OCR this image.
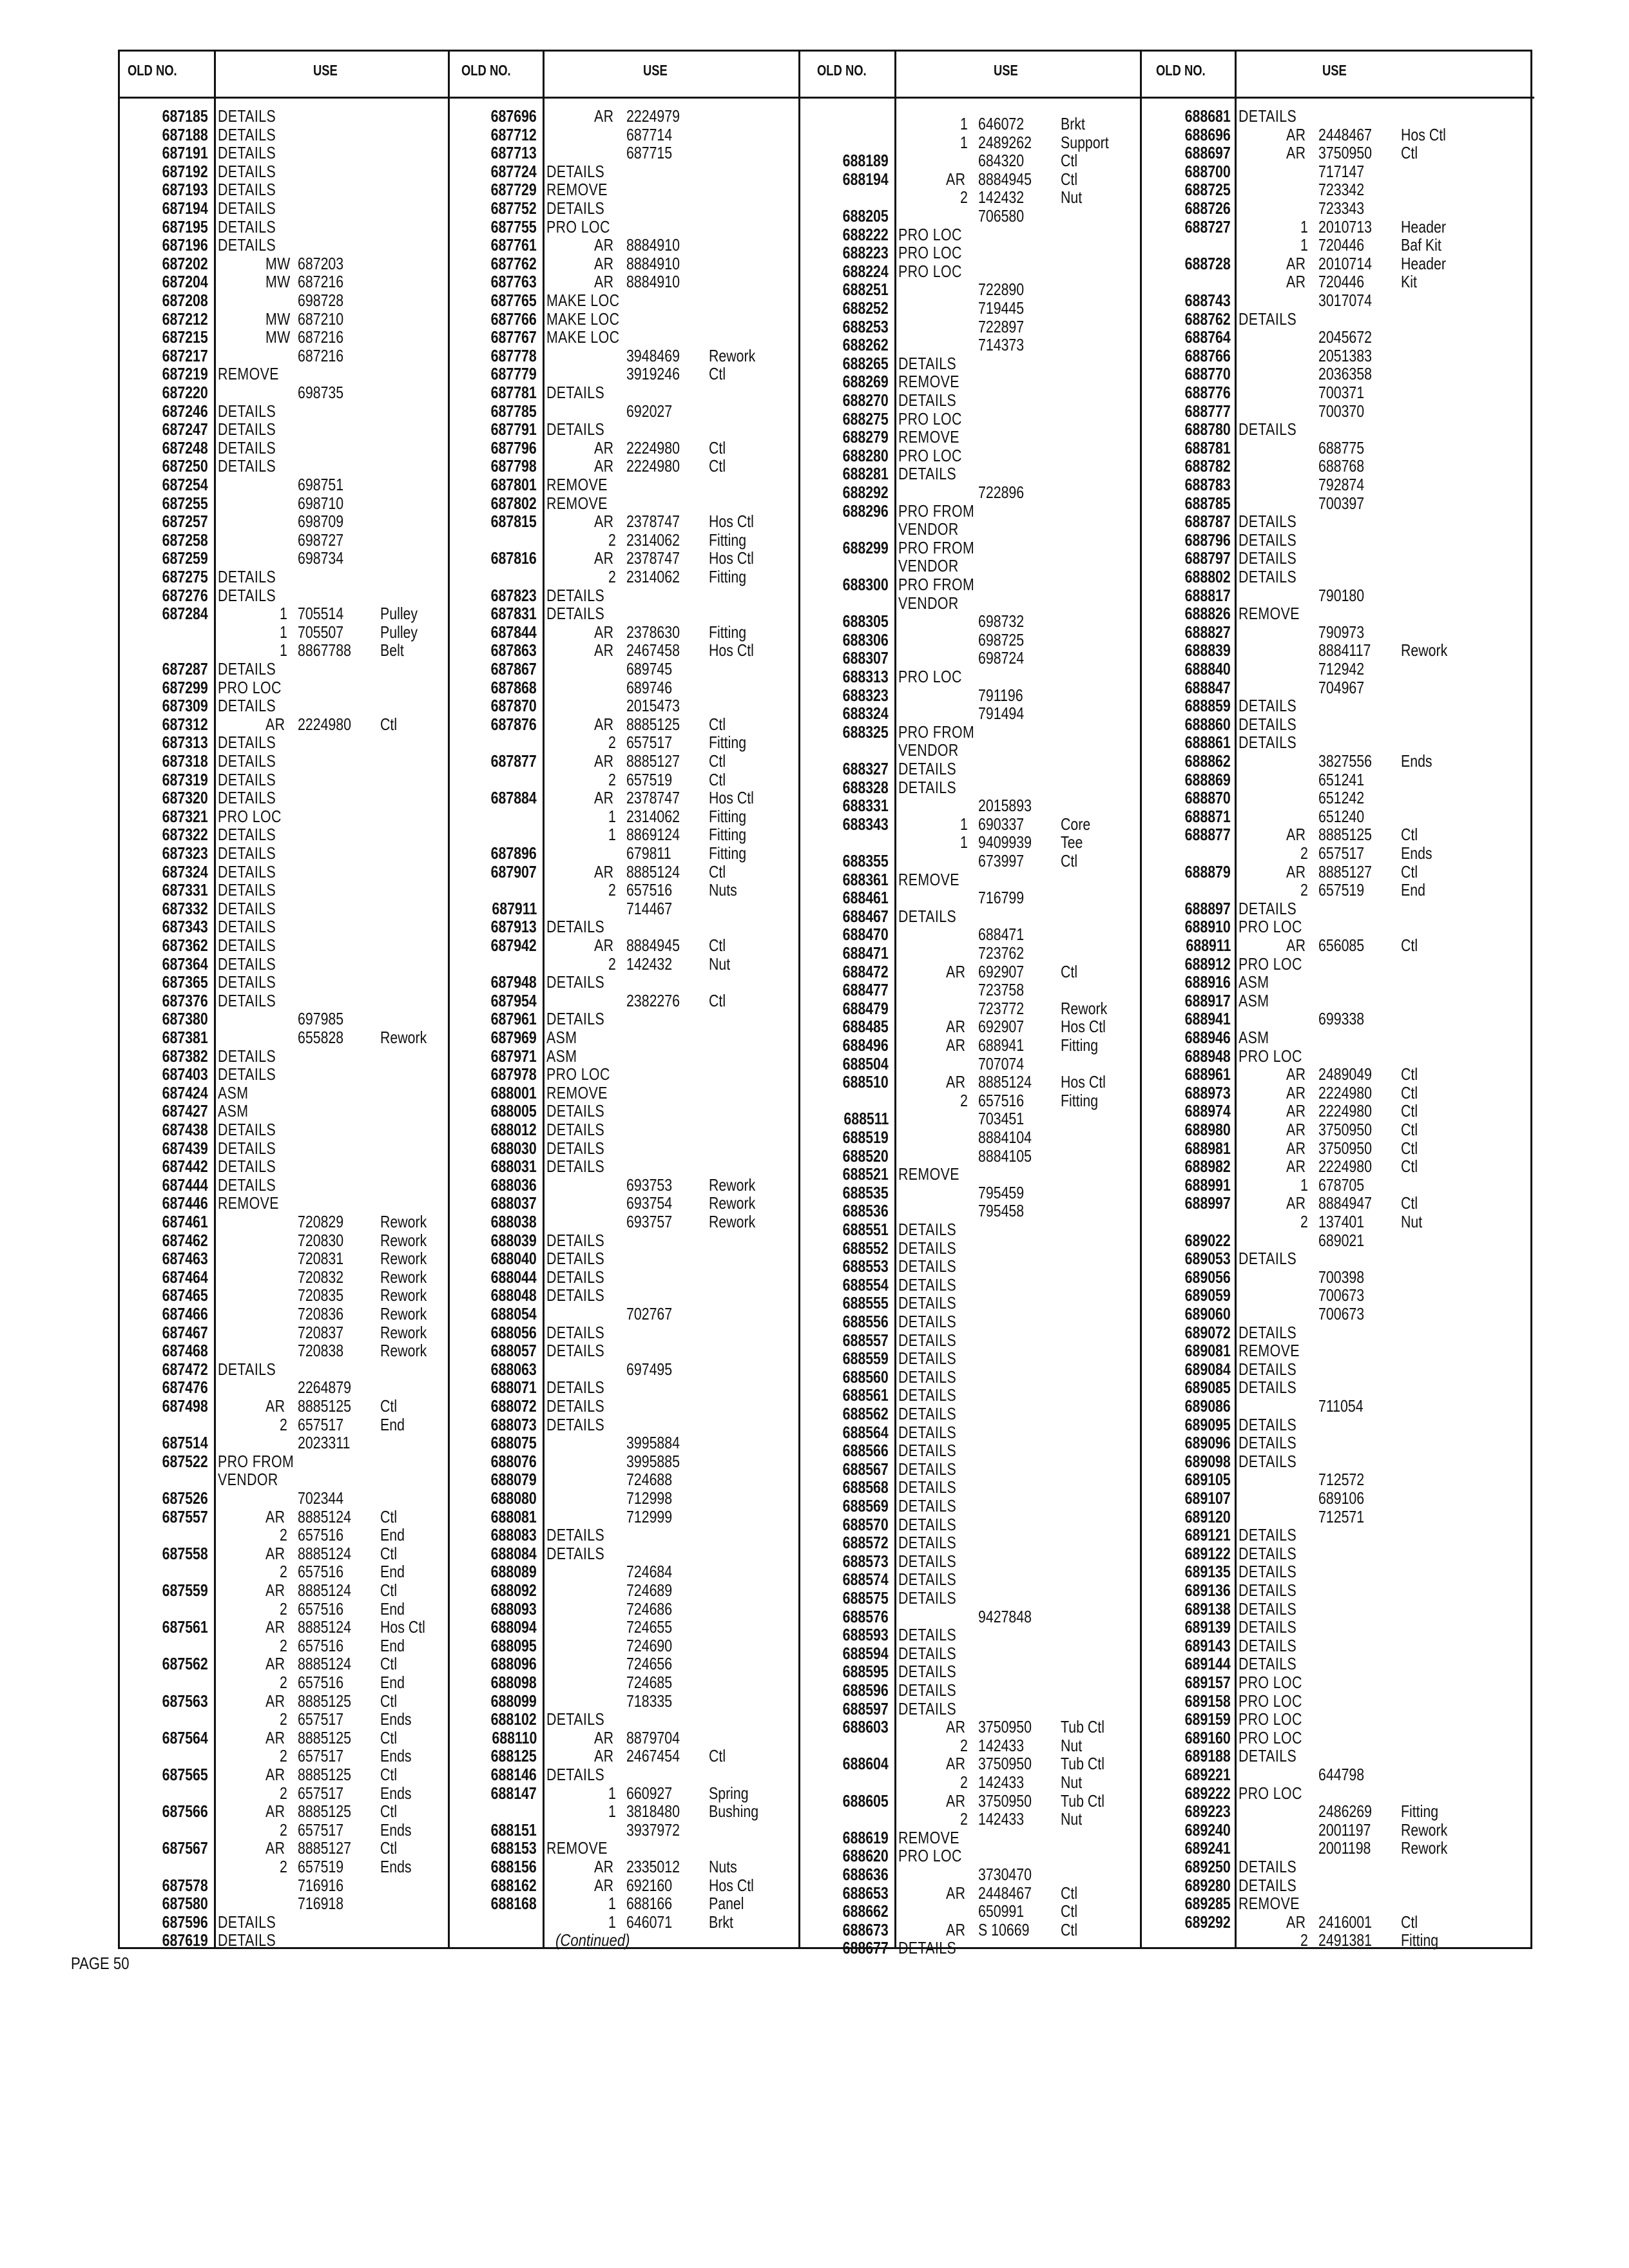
OLD NO.	USE
687185 DETAILS
687188 DETAILS
687191 DETAILS
687192 DETAILS
687193 DETAILS
687194 DETAILS
687195 DETAILS
687196 DETAILS
687202	MW 687203
687204	MW 687216
687208	698728
687212	MW 687210
687215	MW 687216
687217	687216
687219 REMOVE
687220	698735
687246 DETAILS
687247 DETAILS
687248 DETAILS
687250 DETAILS
687254	698751
687255	698710
687257	698709
687258	698727
687259	698734
687275 DETAILS
687276 DETAILS
687284	1 705514 Pulley
1 705507 Pulley
1 8867788 Belt
687287 DETAILS
687299 PRO LOC
687309 DETAILS
687312	AR 2224980 Ctl
687313 DETAILS
687318 DETAILS
687319 DETAILS
687320 DETAILS
687321 PRO LOC
687322 DETAILS
687323 DETAILS
687324 DETAILS
687331 DETAILS
687332 DETAILS
687343 DETAILS
687362 DETAILS
687364 DETAILS
687365 DETAILS
687376 DETAILS
687380	697985
687381	655828 Rework
687382 DETAILS
687403 DETAILS
687424 ASM
687427 ASM
687438 DETAILS
687439 DETAILS
687442 DETAILS
687444 DETAILS
687446 REMOVE
687461	720829 Rework
687462	720830 Rework
687463	720831 Rework
687464	720832 Rework
687465	720835 Rework
687466	720836 Rework
687467	720837 Rework
687468	720838 Rework
687472 DETAILS
687476	2264879
687498	AR 8885125 Ctl
2 657517 End
687514	2023311
687522 PRO FROM
VENDOR
687526	702344
687557	AR 8885124 Ctl
2 657516 End
687558	AR 8885124 Ctl
2 657516 End
687559	AR 8885124 Ctl
2 657516 End
687561	AR 8885124 Hos Ctl
2 657516 End
687562	AR 8885124 Ctl
2 657516 End
687563	AR 8885125 Ctl
2 657517 Ends
687564	AR 8885125 Ctl
2 657517 Ends
687565	AR 8885125 Ctl
2 657517 Ends
687566	AR 8885125 Ctl
2 657517 Ends
687567	AR 8885127 Ctl
2 657519 Ends
687578	716916
687580	716918
687596 DETAILS
687619 DETAILS
OLD NO.	USE
687696	AR 2224979
687712	687714
687713	687715
687724 DETAILS
687729 REMOVE
687752 DETAILS
687755 PRO LOC
687761	AR 8884910
687762	AR 8884910
687763	AR 8884910
687765 MAKE LOC
687766 MAKE LOC
687767 MAKE LOC
687778	3948469 Rework
687779	3919246 Ctl
687781 DETAILS
687785	692027
687791 DETAILS
687796	AR 2224980 Ctl
687798	AR 2224980 Ctl
687801 REMOVE
687802 REMOVE
687815	AR 2378747 Hos Ctl
2 2314062 Fitting
687816	AR 2378747 Hos Ctl
2 2314062 Fitting
687823 DETAILS
687831 DETAILS
687844	AR 2378630 Fitting
687863	AR 2467458 Hos Ctl
687867	689745
687868	689746
687870	2015473
687876	AR 8885125 Ctl
2 657517 Fitting
687877	AR 8885127 Ctl
2 657519 Ctl
687884	AR 2378747 Hos Ctl
1 2314062 Fitting
1 8869124 Fitting
687896	679811 Fitting
687907	AR 8885124 Ctl
2 657516 Nuts
687911	714467
687913 DETAILS
687942	AR 8884945 Ctl
2 142432 Nut
687948 DETAILS
687954	2382276 Ctl
687961 DETAILS
687969 ASM
687971 ASM
687978 PRO LOC
688001 REMOVE
688005 DETAILS
688012 DETAILS
688030 DETAILS
688031 DETAILS
688036	693753 Rework
688037	693754 Rework
688038	693757 Rework
688039 DETAILS
688040 DETAILS
688044 DETAILS
688048 DETAILS
688054	702767
688056 DETAILS
688057 DETAILS
688063	697495
688071 DETAILS
688072 DETAILS
688073 DETAILS
688075	3995884
688076	3995885
688079	724688
688080	712998
688081	712999
688083 DETAILS
688084 DETAILS
688089	724684
688092	724689
688093	724686
688094	724655
688095	724690
688096	724656
688098	724685
688099	718335
688102 DETAILS
688110	AR 8879704
688125	AR 2467454 Ctl
688146 DETAILS
688147	1 660927 Spring
1 3818480 Bushing
688151	3937972
688153 REMOVE
688156	AR 2335012 Nuts
688162	AR 692160 Hos Ctl
688168	1 688166 Panel
1 646071 Brkt
OLD NO.	USE
1 646072 Brkt
1 2489262 Support
688189	684320 Ctl
688194	AR 8884945 Ctl
2 142432 Nut
688205	706580
688222 PRO LOC
688223 PRO LOC
688224 PRO LOC
688251	722890
688252	719445
688253	722897
688262	714373
688265 DETAILS
688269 REMOVE
688270 DETAILS
688275 PRO LOC
688279 REMOVE
688280 PRO LOC
688281 DETAILS
688292	722896
688296 PRO FROM
VENDOR
688299 PRO FROM
VENDOR
688300 PRO FROM
VENDOR
688305	698732
688306	698725
688307	698724
688313 PRO LOC
688323	791196
688324	791494
688325 PRO FROM
VENDOR
688327 DETAILS
688328 DETAILS
688331	2015893
688343	1 690337 Core
1 9409939 Tee
688355	673997 Ctl
688361 REMOVE
688461	716799
688467 DETAILS
688470	688471
688471	723762
688472	AR 692907 Ctl
688477	723758
688479	723772 Rework
688485	AR 692907 Hos Ctl
688496	AR 688941 Fitting
688504	707074
688510	AR 8885124 Hos Ctl
2 657516 Fitting
688511	703451
688519	8884104
688520	8884105
688521 REMOVE
688535	795459
688536	795458
688551 DETAILS
688552 DETAILS
688553 DETAILS
688554 DETAILS
688555 DETAILS
688556 DETAILS
688557 DETAILS
688559 DETAILS
688560 DETAILS
688561 DETAILS
688562 DETAILS
688564 DETAILS
688566 DETAILS
688567 DETAILS
688568 DETAILS
688569 DETAILS
688570 DETAILS
688572 DETAILS
688573 DETAILS
688574 DETAILS
688575 DETAILS
688576	9427848
688593 DETAILS
688594 DETAILS
688595 DETAILS
688596 DETAILS
688597 DETAILS
688603	AR 3750950 Tub Ctl
2 142433 Nut
688604	AR 3750950 Tub Ctl
2 142433 Nut
688605	AR 3750950 Tub Ctl
2 142433 Nut
688619 REMOVE
688620 PRO LOC
688636	3730470
688653	AR 2448467 Ctl
688662	650991 Ctl
688673	AR S 10669 Ctl
688677 DETAILS
OLD NO.	USE
688681 DETAILS
688696	AR 2448467 Hos Ctl
688697	AR 3750950 Ctl
688700	717147
688725	723342
688726	723343
688727	1 2010713 Header
1 720446 Baf Kit
688728	AR 2010714 Header
AR 720446 Kit
688743	3017074
688762 DETAILS
688764	2045672
688766	2051383
688770	2036358
688776	700371
688777	700370
688780 DETAILS
688781	688775
688782	688768
688783	792874
688785	700397
688787 DETAILS
688796 DETAILS
688797 DETAILS
688802 DETAILS
688817	790180
688826 REMOVE
688827	790973
688839	8884117 Rework
688840	712942
688847	704967
688859 DETAILS
688860 DETAILS
688861 DETAILS
688862	3827556 Ends
688869	651241
688870	651242
688871	651240
688877	AR 8885125 Ctl
2 657517 Ends
688879	AR 8885127 Ctl
2 657519 End
688897 DETAILS
688910 PRO LOC
688911	AR 656085 Ctl
688912 PRO LOC
688916 ASM
688917 ASM
688941	699338
688946 ASM
688948 PRO LOC
688961	AR 2489049 Ctl
688973	AR 2224980 Ctl
688974	AR 2224980 Ctl
688980	AR 3750950 Ctl
688981	AR 3750950 Ctl
688982	AR 2224980 Ctl
688991	1 678705
688997	AR 8884947 Ctl
2 137401 Nut
689022	689021
689053 DETAILS
689056	700398
689059	700673
689060	700673
689072 DETAILS
689081 REMOVE
689084 DETAILS
689085 DETAILS
689086	711054
689095 DETAILS
689096 DETAILS
689098 DETAILS
689105	712572
689107	689106
689120	712571
689121 DETAILS
689122 DETAILS
689135 DETAILS
689136 DETAILS
689138 DETAILS
689139 DETAILS
689143 DETAILS
689144 DETAILS
689157 PRO LOC
689158 PRO LOC
689159 PRO LOC
689160 PRO LOC
689188 DETAILS
689221	644798
689222 PRO LOC
689223	2486269 Fitting
689240	2001197 Rework
689241	2001198 Rework
689250 DETAILS
689280 DETAILS
689285 REMOVE
689292	AR 2416001 Ctl
2 2491381 Fitting
(Continued)
PAGE 50
